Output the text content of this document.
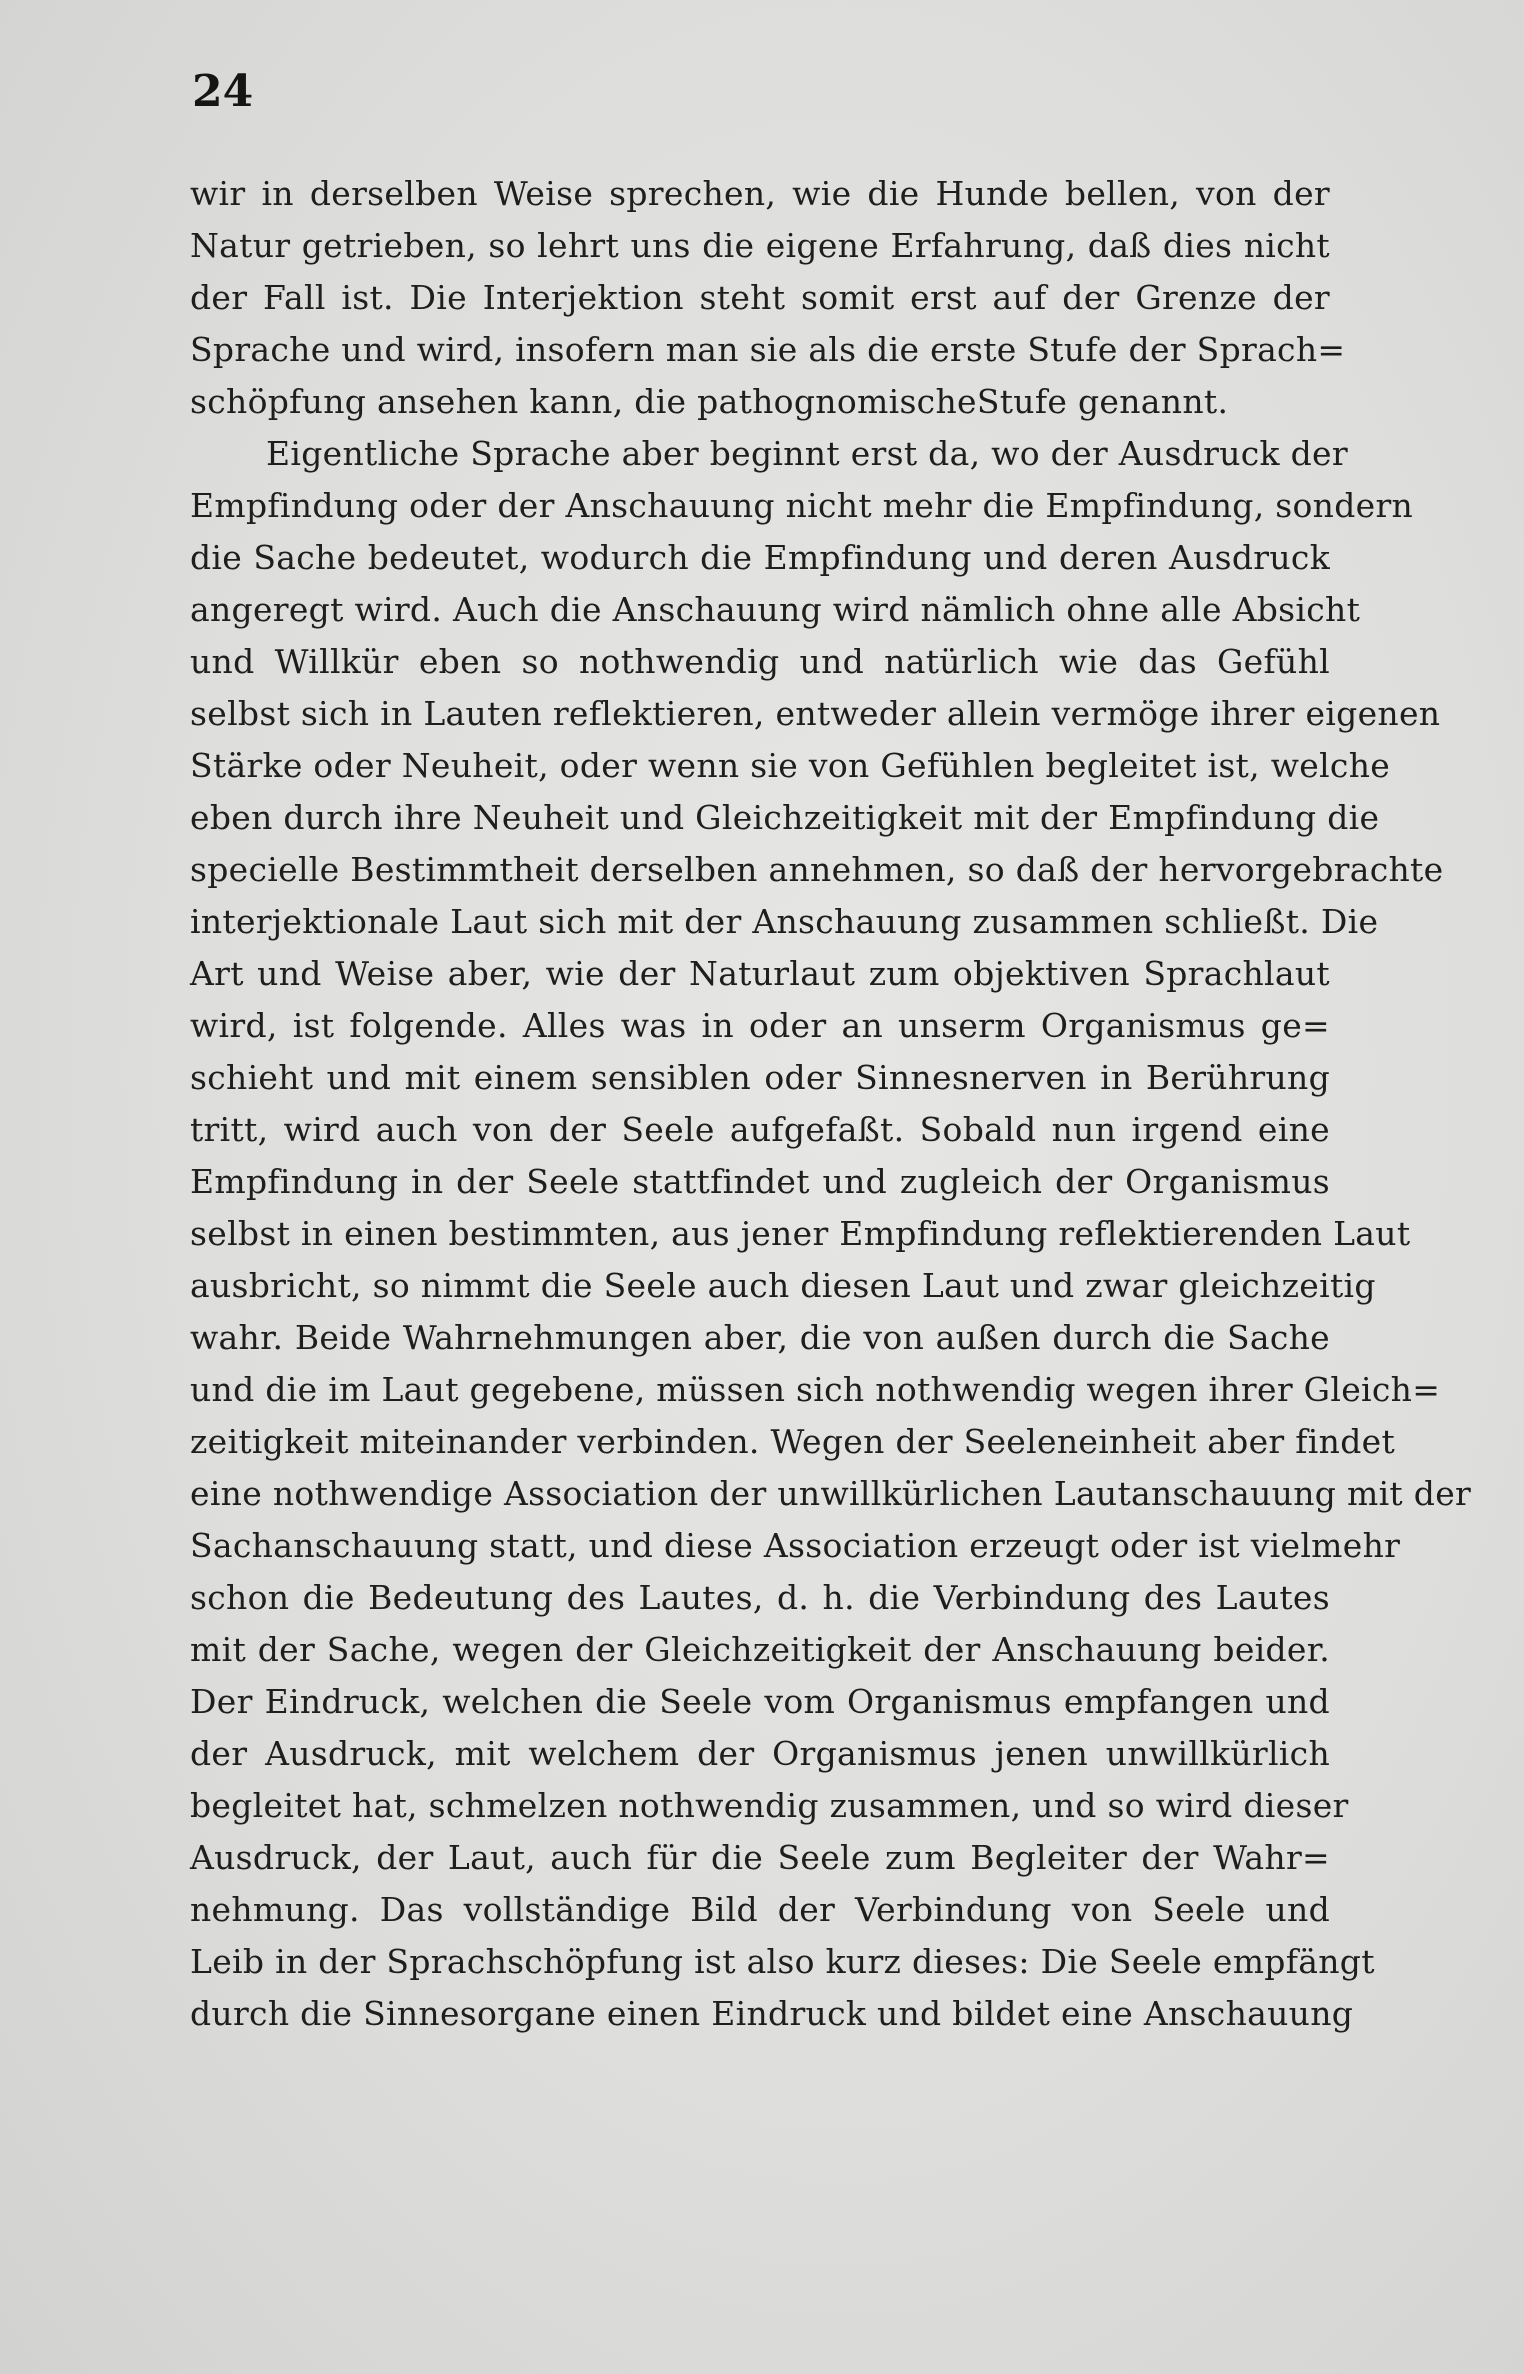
24
wir in derselben Weise sprechen, wie die Hunde bellen, von der
Natur getrieben, so lehrt uns die eigene Erfahrung, daß dies nicht
der Fall ist. Die Interjektion steht somit erst auf der Grenze der
Sprache und wird, insofern man sie als die erste Stufe der Sprach=
schöpfung ansehen kann, die pathognomischeStufe genannt.
Eigentliche Sprache aber beginnt erst da, wo der Ausdruck der
Empfindung oder der Anschauung nicht mehr die Empfindung, sondern
die Sache bedeutet, wodurch die Empfindung und deren Ausdruck
angeregt wird. Auch die Anschauung wird nämlich ohne alle Absicht
und Willkür eben so nothwendig und natürlich wie das Gefühl
selbst sich in Lauten reflektieren, entweder allein vermöge ihrer eigenen
Stärke oder Neuheit, oder wenn sie von Gefühlen begleitet ist, welche
eben durch ihre Neuheit und Gleichzeitigkeit mit der Empfindung die
specielle Bestimmtheit derselben annehmen, so daß der hervorgebrachte
interjektionale Laut sich mit der Anschauung zusammen schließt. Die
Art und Weise aber, wie der Naturlaut zum objektiven Sprachlaut
wird, ist folgende. Alles was in oder an unserm Organismus ge=
schieht und mit einem sensiblen oder Sinnesnerven in Berührung
tritt, wird auch von der Seele aufgefaßt. Sobald nun irgend eine
Empfindung in der Seele stattfindet und zugleich der Organismus
selbst in einen bestimmten, aus jener Empfindung reflektierenden Laut
ausbricht, so nimmt die Seele auch diesen Laut und zwar gleichzeitig
wahr. Beide Wahrnehmungen aber, die von außen durch die Sache
und die im Laut gegebene, müssen sich nothwendig wegen ihrer Gleich=
zeitigkeit miteinander verbinden. Wegen der Seeleneinheit aber findet
eine nothwendige Association der unwillkürlichen Lautanschauung mit der
Sachanschauung statt, und diese Association erzeugt oder ist vielmehr
schon die Bedeutung des Lautes, d. h. die Verbindung des Lautes
mit der Sache, wegen der Gleichzeitigkeit der Anschauung beider.
Der Eindruck, welchen die Seele vom Organismus empfangen und
der Ausdruck, mit welchem der Organismus jenen unwillkürlich
begleitet hat, schmelzen nothwendig zusammen, und so wird dieser
Ausdruck, der Laut, auch für die Seele zum Begleiter der Wahr=
nehmung. Das vollständige Bild der Verbindung von Seele und
Leib in der Sprachschöpfung ist also kurz dieses: Die Seele empfängt
durch die Sinnesorgane einen Eindruck und bildet eine Anschauung
